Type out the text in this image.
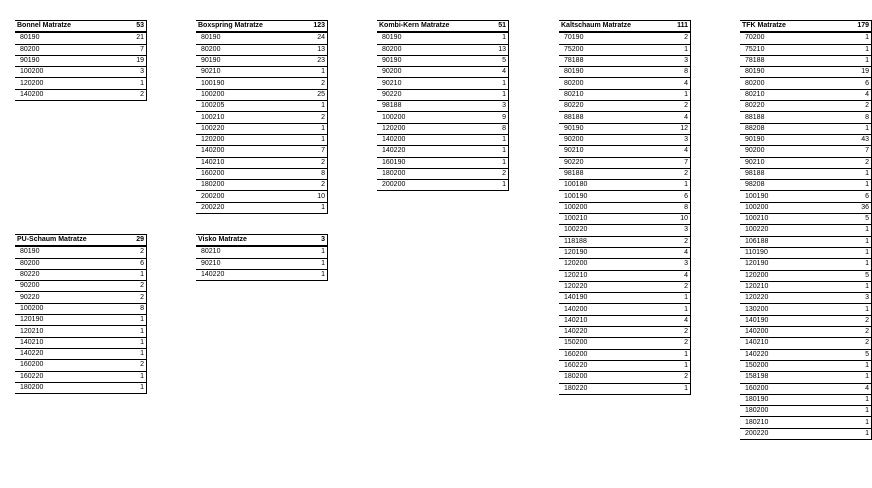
Bonnel Matratze	53
80190	21
80200	7
90190	19
100200	3
120200	1
140200	2
Boxspring Matratze	123
80190	24
80200	13
90190	23
90210	1
100190	2
100200	25
100205	1
100210	2
100220	1
120200	1
140200	7
140210	2
160200	8
180200	2
200200	10
200220	1
Kombi-Kern Matratze	51
80190	1
80200	13
90190	5
90200	4
90210	1
90220	1
98188	3
100200	9
120200	8
140200	1
140220	1
160190	1
180200	2
200200	1
Kaltschaum Matratze	111
70190	2
75200	1
78188	3
80190	8
80200	4
80210	1
80220	2
88188	4
90190	12
90200	3
90210	4
90220	7
98188	2
100180	1
100190	6
100200	8
100210	10
100220	3
118188	2
120190	4
120200	3
120210	4
120220	2
140190	1
140200	1
140210	4
140220	2
150200	2
160200	1
160220	1
180200	2
180220	1
TFK Matratze	179
70200	1
75210	1
78188	1
80190	19
80200	6
80210	4
80220	2
88188	8
88208	1
90190	43
90200	7
90210	2
98188	1
98208	1
100190	6
100200	36
100210	5
100220	1
106188	1
110190	1
120190	1
120200	5
120210	1
120220	3
130200	1
140190	2
140200	2
140210	2
140220	5
150200	1
158198	1
160200	4
180190	1
180200	1
180210	1
200220	1
PU-Schaum Matratze	29
80190	2
80200	6
80220	1
90200	2
90220	2
100200	8
120190	1
120210	1
140210	1
140220	1
160200	2
160220	1
180200	1
Visko Matratze	3
80210	1
90210	1
140220	1
